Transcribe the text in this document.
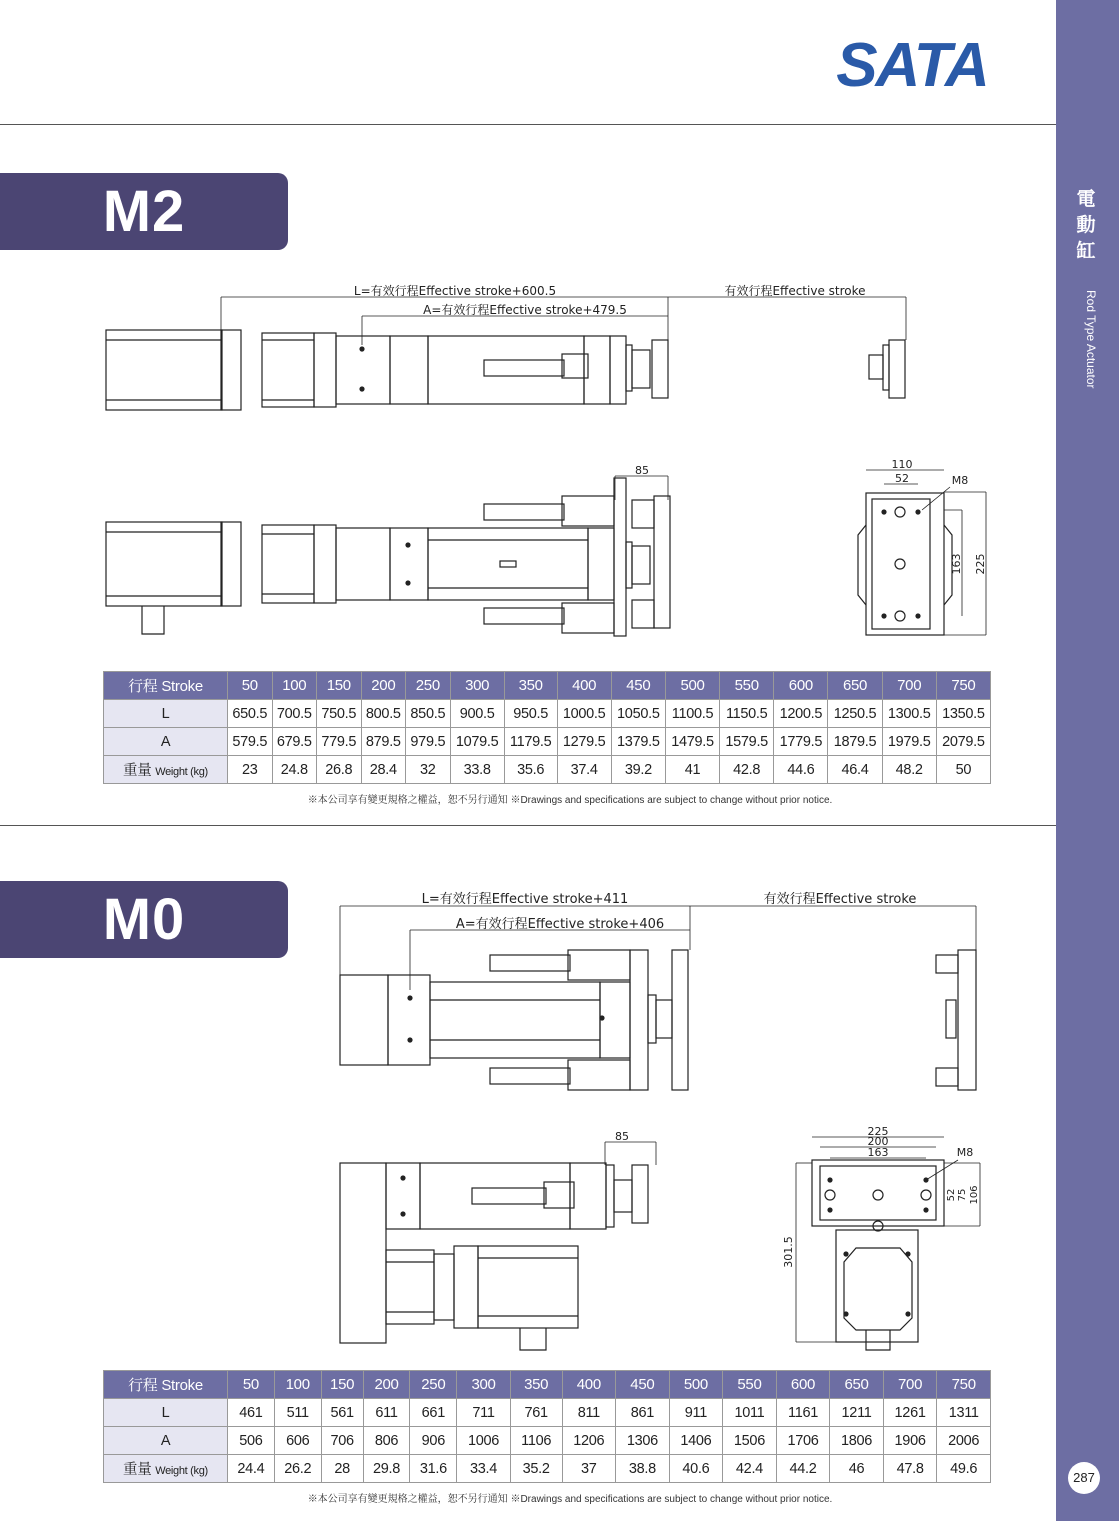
電動缸
Rod Type Actuator
287
SATA
M2
L=有效行程Effective stroke+600.5
A=有效行程Effective stroke+479.5
有效行程Effective stroke
85	110
52	M8
163 225
行程 Stroke	50	100	150	200	250	300	350	400	450	500	550	600	650	700	750
L	650.5	700.5	750.5	800.5	850.5	900.5	950.5	1000.5	1050.5	1100.5	1150.5	1200.5	1250.5	1300.5	1350.5
A	579.5	679.5	779.5	879.5	979.5	1079.5	1179.5	1279.5	1379.5	1479.5	1579.5	1779.5	1879.5	1979.5	2079.5
重量 Weight (kg)	23	24.8	26.8	28.4	32	33.8	35.6	37.4	39.2	41	42.8	44.6	46.4	48.2	50
※本公司享有變更規格之權益，恕不另行通知 ※Drawings and specifications are subject to change without prior notice.
M0	L=有效行程Effective stroke+411
A=有效行程Effective stroke+406
有效行程Effective stroke
85	225
200
163	M8
52 75 106
301.5
行程 Stroke	50	100	150	200	250	300	350	400	450	500	550	600	650	700	750
L	461	511	561	611	661	711	761	811	861	911	1011	1161	1211	1261	1311
A	506	606	706	806	906	1006	1106	1206	1306	1406	1506	1706	1806	1906	2006
重量 Weight (kg)	24.4	26.2	28	29.8	31.6	33.4	35.2	37	38.8	40.6	42.4	44.2	46	47.8	49.6
※本公司享有變更規格之權益，恕不另行通知 ※Drawings and specifications are subject to change without prior notice.
